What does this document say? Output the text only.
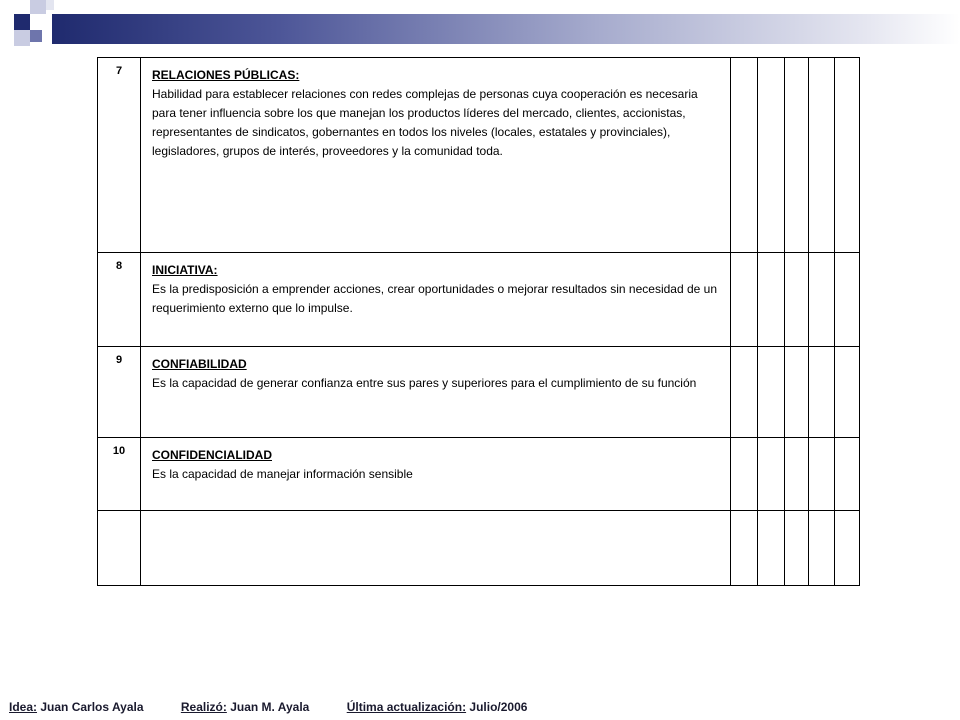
7	RELACIONES PÚBLICAS:
Habilidad para establecer relaciones con redes complejas de personas cuya cooperación es necesaria para tener influencia sobre los que manejan los productos líderes del mercado, clientes, accionistas, representantes de sindicatos, gobernantes en todos los niveles (locales, estatales y provinciales), legisladores, grupos de interés, proveedores y la comunidad toda.					

8	INICIATIVA:
Es la predisposición a emprender acciones, crear oportunidades o mejorar resultados sin necesidad de un requerimiento externo que lo impulse.					

9	CONFIABILIDAD
Es la capacidad de generar confianza entre sus pares y superiores para el cumplimiento de su función					

10	CONFIDENCIALIDAD
Es la capacidad de manejar información sensible					

Idea: Juan Carlos Ayala	Realizó: Juan M. Ayala	Última actualización: Julio/2006
